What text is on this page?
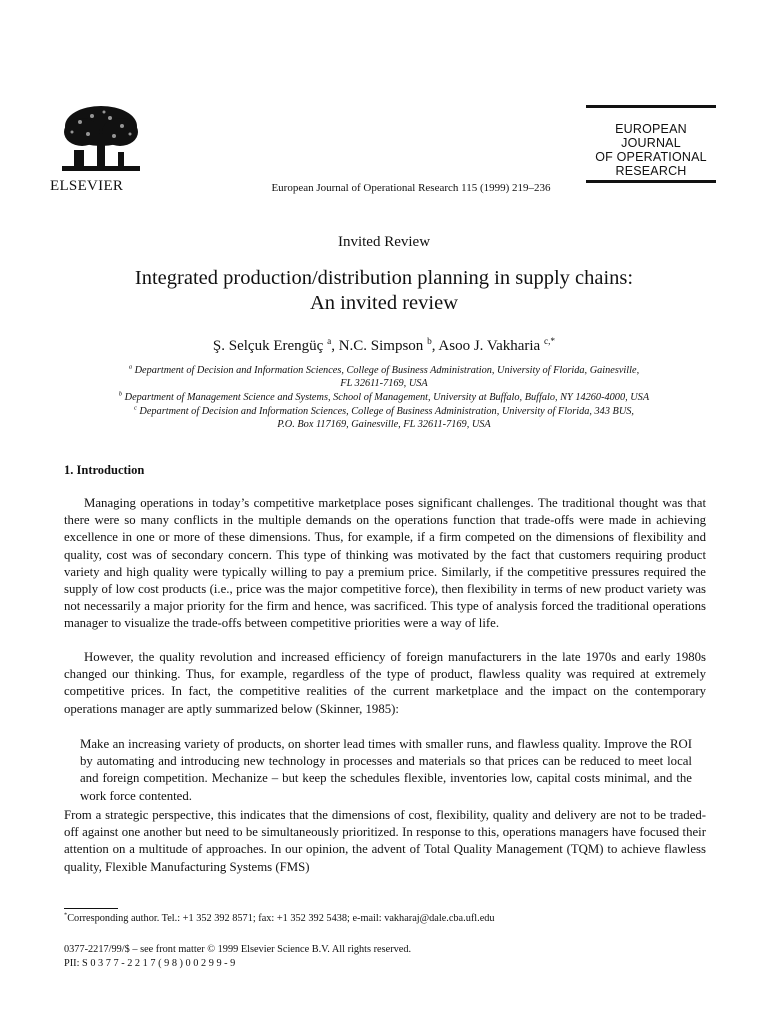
ELSEVIER	European Journal of Operational Research 115 (1999) 219–236
EUROPEAN
JOURNAL
OF OPERATIONAL
RESEARCH
Invited Review
Integrated production/distribution planning in supply chains:
An invited review
Ş. Selçuk Erengüç $^a$, N.C. Simpson $^b$, Asoo J. Vakharia $^{c,*}$
$^a$ Department of Decision and Information Sciences, College of Business Administration, University of Florida, Gainesville,
FL 32611-7169, USA
$^b$ Department of Management Science and Systems, School of Management, University at Buffalo, Buffalo, NY 14260-4000, USA
$^c$ Department of Decision and Information Sciences, College of Business Administration, University of Florida, 343 BUS,
P.O. Box 117169, Gainesville, FL 32611-7169, USA
1. Introduction

Managing operations in today’s competitive marketplace poses significant challenges. The traditional thought was that there were so many conflicts in the multiple demands on the operations function that trade-offs were made in achieving excellence in one or more of these dimensions. Thus, for example, if a firm competed on the dimensions of flexibility and quality, cost was of secondary concern. This type of thinking was motivated by the fact that customers requiring product variety and high quality were typically willing to pay a premium price. Similarly, if the competitive pressures required the supply of low cost products (i.e., price was the major competitive force), then flexibility in terms of new product variety was not necessarily a major priority for the firm and hence, was sacrificed. This type of analysis forced the traditional operations manager to visualize the trade-offs between competitive priorities were a way of life.

However, the quality revolution and increased efficiency of foreign manufacturers in the late 1970s and early 1980s changed our thinking. Thus, for example, regardless of the type of product, flawless quality was required at extremely competitive prices. In fact, the competitive realities of the current marketplace and the impact on the contemporary operations manager are aptly summarized below (Skinner, 1985):

Make an increasing variety of products, on shorter lead times with smaller runs, and flawless quality. Improve the ROI by automating and introducing new technology in processes and materials so that prices can be reduced to meet local and foreign competition. Mechanize – but keep the schedules flexible, inventories low, capital costs minimal, and the work force contented.

From a strategic perspective, this indicates that the dimensions of cost, flexibility, quality and delivery are not to be traded-off against one another but need to be simultaneously prioritized. In response to this, operations managers have focused their attention on a multitude of approaches. In our opinion, the advent of Total Quality Management (TQM) to achieve flawless quality, Flexible Manufacturing Systems (FMS)

*Corresponding author. Tel.: +1 352 392 8571; fax: +1 352 392 5438; e-mail: vakharaj@dale.cba.ufl.edu
0377-2217/99/$ – see front matter © 1999 Elsevier Science B.V. All rights reserved.
PII: S 0 3 7 7 - 2 2 1 7 ( 9 8 ) 0 0 2 9 9 - 9
